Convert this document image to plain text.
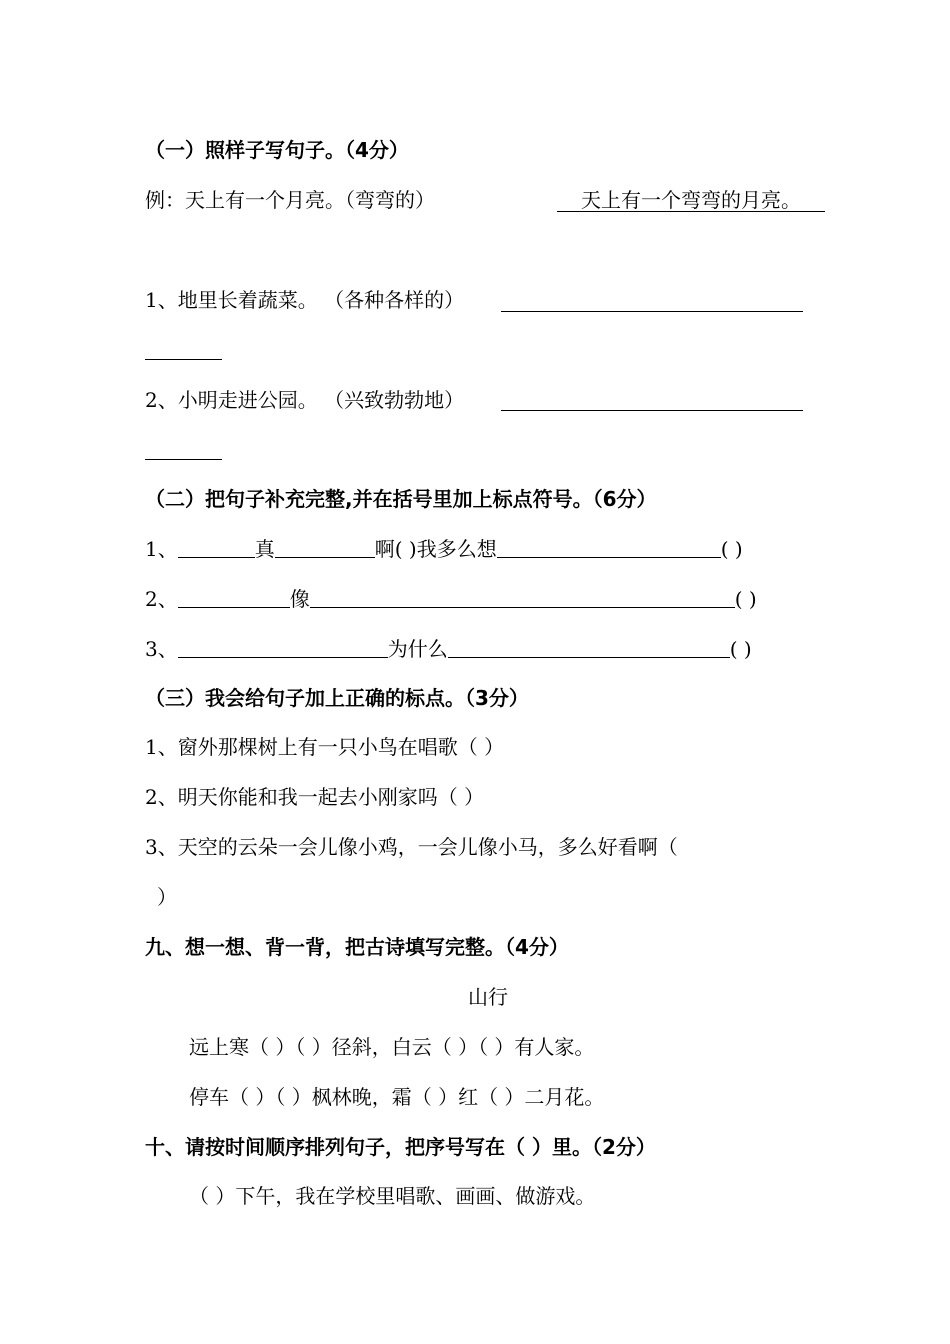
（一）照样子写句子。（4分）
例：天上有一个月亮。（弯弯的）	天上有一个弯弯的月亮。
1、地里长着蔬菜。 （各种各样的）
2、小明走进公园。 （兴致勃勃地）
（二）把句子补充完整,并在括号里加上标点符号。（6分）
1、	真	啊( )我多么想	( )
2、	像	( )
3、	为什么	( )
（三）我会给句子加上正确的标点。（3分）
1、窗外那棵树上有一只小鸟在唱歌（ ）
2、明天你能和我一起去小刚家吗（ ）
3、天空的云朵一会儿像小鸡，一会儿像小马，多么好看啊（
）
九、想一想、背一背，把古诗填写完整。（4分）
山行
远上寒（ ）（ ）径斜，白云（ ）（ ）有人家。
停车（ ）（ ）枫林晚，霜（ ）红（ ）二月花。
十、请按时间顺序排列句子，把序号写在（ ）里。（2分）
（ ）下午，我在学校里唱歌、画画、做游戏。
